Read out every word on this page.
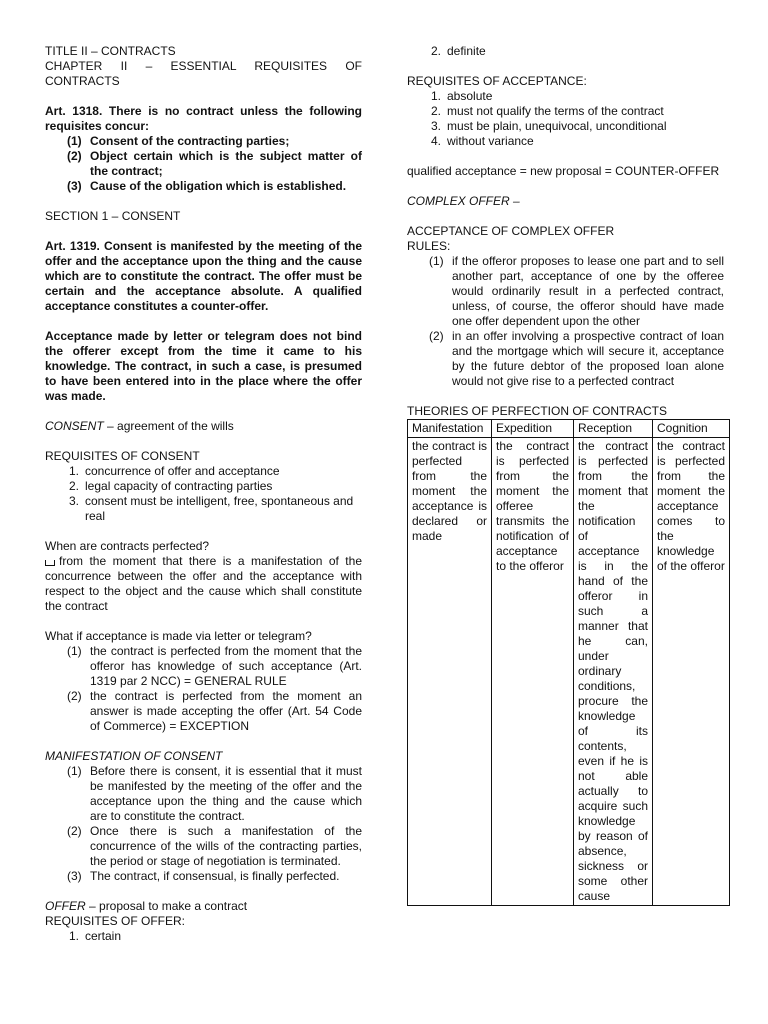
TITLE II – CONTRACTS

CHAPTER II – ESSENTIAL REQUISITES OF CONTRACTS

Art. 1318. There is no contract unless the following requisites concur:

(1) Consent of the contracting parties;
(2) Object certain which is the subject matter of the contract;
(3) Cause of the obligation which is established.

SECTION 1 – CONSENT

Art. 1319. Consent is manifested by the meeting of the offer and the acceptance upon the thing and the cause which are to constitute the contract. The offer must be certain and the acceptance absolute. A qualified acceptance constitutes a counter-offer.

Acceptance made by letter or telegram does not bind the offerer except from the time it came to his knowledge. The contract, in such a case, is presumed to have been entered into in the place where the offer was made.

CONSENT – agreement of the wills

REQUISITES OF CONSENT

1. concurrence of offer and acceptance
2. legal capacity of contracting parties
3. consent must be intelligent, free, spontaneous and real

When are contracts perfected?

from the moment that there is a manifestation of the concurrence between the offer and the acceptance with respect to the object and the cause which shall constitute the contract

What if acceptance is made via letter or telegram?

(1) the contract is perfected from the moment that the offeror has knowledge of such acceptance (Art. 1319 par 2 NCC) = GENERAL RULE
(2) the contract is perfected from the moment an answer is made accepting the offer (Art. 54 Code of Commerce) = EXCEPTION

MANIFESTATION OF CONSENT

(1) Before there is consent, it is essential that it must be manifested by the meeting of the offer and the acceptance upon the thing and the cause which are to constitute the contract.
(2) Once there is such a manifestation of the concurrence of the wills of the contracting parties, the period or stage of negotiation is terminated.
(3) The contract, if consensual, is finally perfected.

OFFER – proposal to make a contract

REQUISITES OF OFFER:

1. certain
2. definite

REQUISITES OF ACCEPTANCE:

1. absolute
2. must not qualify the terms of the contract
3. must be plain, unequivocal, unconditional
4. without variance

qualified acceptance = new proposal = COUNTER-OFFER

COMPLEX OFFER –

ACCEPTANCE OF COMPLEX OFFER

RULES:

(1) if the offeror proposes to lease one part and to sell another part, acceptance of one by the offeree would ordinarily result in a perfected contract, unless, of course, the offeror should have made one offer dependent upon the other
(2) in an offer involving a prospective contract of loan and the mortgage which will secure it, acceptance by the future debtor of the proposed loan alone would not give rise to a perfected contract

THEORIES OF PERFECTION OF CONTRACTS

Manifestation	Expedition	Reception	Cognition
the contract is perfected from the moment the acceptance is declared or made	the contract is perfected from the moment the offeree transmits the notification of acceptance to the offeror	the contract is perfected from the moment that the notification of acceptance is in the hand of the offeror in such a manner that he can, under ordinary conditions, procure the knowledge of its contents, even if he is not able actually to acquire such knowledge by reason of absence, sickness or some other cause	the contract is perfected from the moment the acceptance comes to the knowledge of the offeror
